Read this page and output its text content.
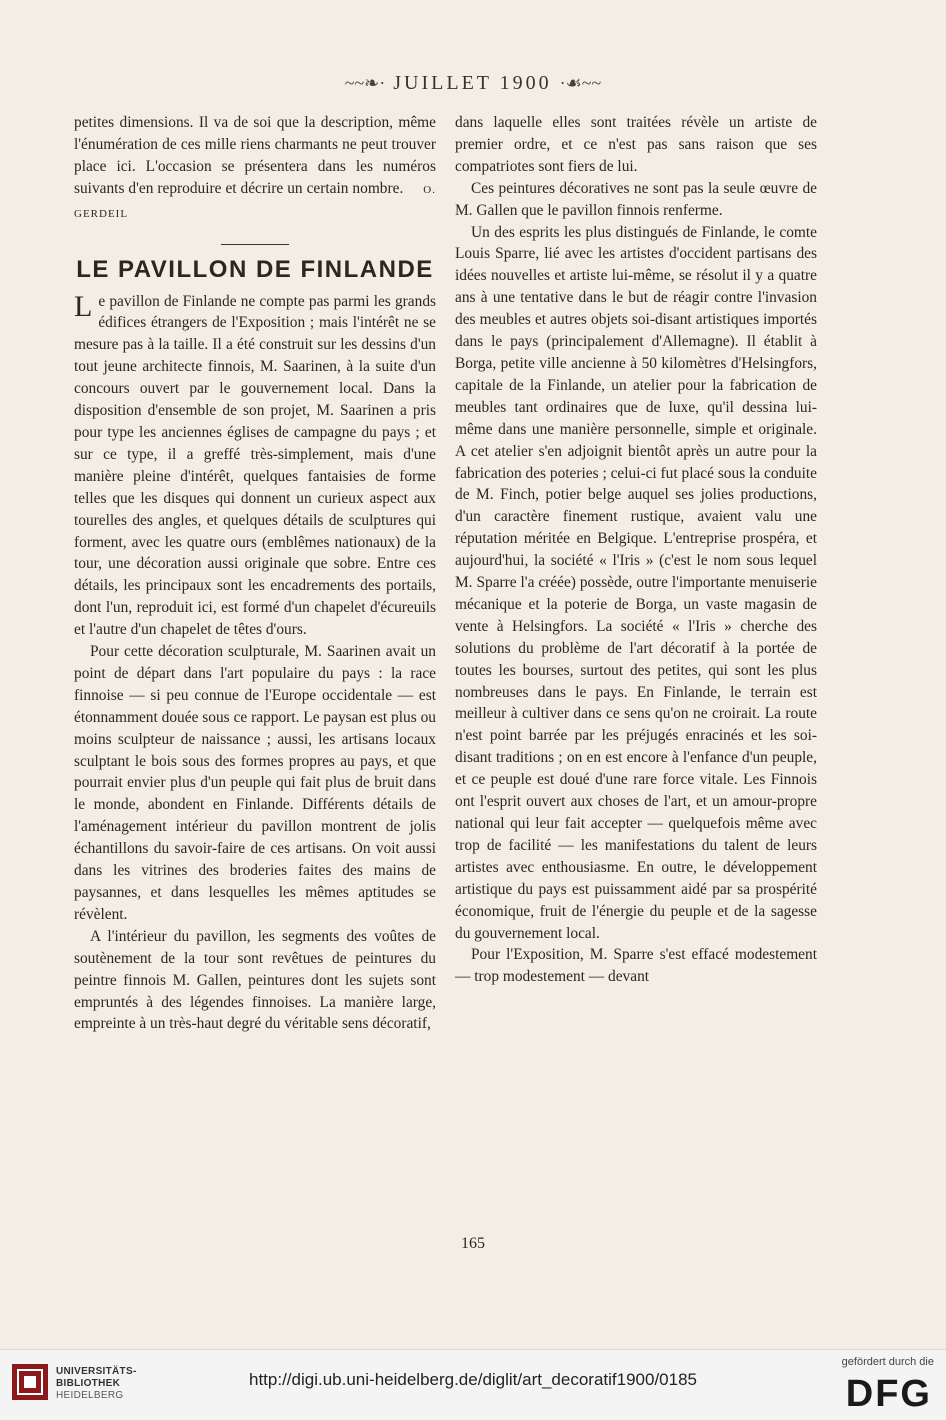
~~❧· JUILLET 1900 ·☙~~

petites dimensions. Il va de soi que la description, même l'énumération de ces mille riens charmants ne peut trouver place ici. L'occasion se présentera dans les numéros suivants d'en reproduire et décrire un certain nombre. O. GERDEIL

LE PAVILLON DE FINLANDE

Le pavillon de Finlande ne compte pas parmi les grands édifices étrangers de l'Exposition ; mais l'intérêt ne se mesure pas à la taille. Il a été construit sur les dessins d'un tout jeune architecte finnois, M. Saarinen, à la suite d'un concours ouvert par le gouvernement local. Dans la disposition d'ensemble de son projet, M. Saarinen a pris pour type les anciennes églises de campagne du pays ; et sur ce type, il a greffé très-simplement, mais d'une manière pleine d'intérêt, quelques fantaisies de forme telles que les disques qui donnent un curieux aspect aux tourelles des angles, et quelques détails de sculptures qui forment, avec les quatre ours (emblêmes nationaux) de la tour, une décoration aussi originale que sobre. Entre ces détails, les principaux sont les encadrements des portails, dont l'un, reproduit ici, est formé d'un chapelet d'écureuils et l'autre d'un chapelet de têtes d'ours.

Pour cette décoration sculpturale, M. Saarinen avait un point de départ dans l'art populaire du pays : la race finnoise — si peu connue de l'Europe occidentale — est étonnamment douée sous ce rapport. Le paysan est plus ou moins sculpteur de naissance ; aussi, les artisans locaux sculptant le bois sous des formes propres au pays, et que pourrait envier plus d'un peuple qui fait plus de bruit dans le monde, abondent en Finlande. Différents détails de l'aménagement intérieur du pavillon montrent de jolis échantillons du savoir-faire de ces artisans. On voit aussi dans les vitrines des broderies faites des mains de paysannes, et dans lesquelles les mêmes aptitudes se révèlent.

A l'intérieur du pavillon, les segments des voûtes de soutènement de la tour sont revêtues de peintures du peintre finnois M. Gallen, peintures dont les sujets sont empruntés à des légendes finnoises. La manière large, empreinte à un très-haut degré du véritable sens décoratif,

dans laquelle elles sont traitées révèle un artiste de premier ordre, et ce n'est pas sans raison que ses compatriotes sont fiers de lui.

Ces peintures décoratives ne sont pas la seule œuvre de M. Gallen que le pavillon finnois renferme.

Un des esprits les plus distingués de Finlande, le comte Louis Sparre, lié avec les artistes d'occident partisans des idées nouvelles et artiste lui-même, se résolut il y a quatre ans à une tentative dans le but de réagir contre l'invasion des meubles et autres objets soi-disant artistiques importés dans le pays (principalement d'Allemagne). Il établit à Borga, petite ville ancienne à 50 kilomètres d'Helsingfors, capitale de la Finlande, un atelier pour la fabrication de meubles tant ordinaires que de luxe, qu'il dessina lui-même dans une manière personnelle, simple et originale. A cet atelier s'en adjoignit bientôt après un autre pour la fabrication des poteries ; celui-ci fut placé sous la conduite de M. Finch, potier belge auquel ses jolies productions, d'un caractère finement rustique, avaient valu une réputation méritée en Belgique. L'entreprise prospéra, et aujourd'hui, la société « l'Iris » (c'est le nom sous lequel M. Sparre l'a créée) possède, outre l'importante menuiserie mécanique et la poterie de Borga, un vaste magasin de vente à Helsingfors. La société « l'Iris » cherche des solutions du problème de l'art décoratif à la portée de toutes les bourses, surtout des petites, qui sont les plus nombreuses dans le pays. En Finlande, le terrain est meilleur à cultiver dans ce sens qu'on ne croirait. La route n'est point barrée par les préjugés enracinés et les soi-disant traditions ; on en est encore à l'enfance d'un peuple, et ce peuple est doué d'une rare force vitale. Les Finnois ont l'esprit ouvert aux choses de l'art, et un amour-propre national qui leur fait accepter — quelquefois même avec trop de facilité — les manifestations du talent de leurs artistes avec enthousiasme. En outre, le développement artistique du pays est puissamment aidé par sa prospérité économique, fruit de l'énergie du peuple et de la sagesse du gouvernement local.

Pour l'Exposition, M. Sparre s'est effacé modestement — trop modestement — devant

165
UNIVERSITÄTS-
BIBLIOTHEK
HEIDELBERG
http://digi.ub.uni-heidelberg.de/diglit/art_decoratif1900/0185
gefördert durch die
DFG
